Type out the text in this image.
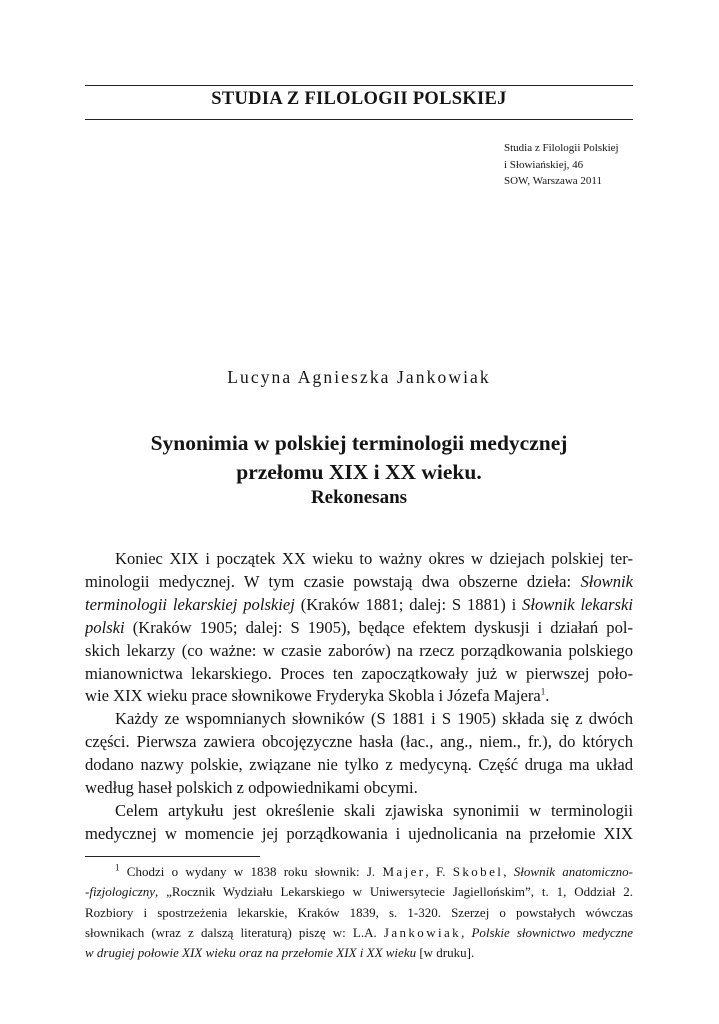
STUDIA Z FILOLOGII POLSKIEJ
Studia z Filologii Polskiej
i Słowiańskiej, 46
SOW, Warszawa 2011
Lucyna Agnieszka Jankowiak
Synonimia w polskiej terminologii medycznej
przełomu XIX i XX wieku.
Rekonesans
Koniec XIX i początek XX wieku to ważny okres w dziejach polskiej ter-
minologii medycznej. W tym czasie powstają dwa obszerne dzieła: Słownik
terminologii lekarskiej polskiej (Kraków 1881; dalej: S 1881) i Słownik lekarski
polski (Kraków 1905; dalej: S 1905), będące efektem dyskusji i działań pol-
skich lekarzy (co ważne: w czasie zaborów) na rzecz porządkowania polskiego
mianownictwa lekarskiego. Proces ten zapoczątkowały już w pierwszej poło-
wie XIX wieku prace słownikowe Fryderyka Skobla i Józefa Majera$^1$.
Każdy ze wspomnianych słowników (S 1881 i S 1905) składa się z dwóch
części. Pierwsza zawiera obcojęzyczne hasła (łac., ang., niem., fr.), do których
dodano nazwy polskie, związane nie tylko z medycyną. Część druga ma układ
według haseł polskich z odpowiednikami obcymi.
Celem artykułu jest określenie skali zjawiska synonimii w terminologii
medycznej w momencie jej porządkowania i ujednolicania na przełomie XIX
$^1$ Chodzi o wydany w 1838 roku słownik: J. Majer, F. Skobel, Słownik anatomiczno-
-fizjologiczny, „Rocznik Wydziału Lekarskiego w Uniwersytecie Jagiellońskim”, t. 1, Oddział 2.
Rozbiory i spostrzeżenia lekarskie, Kraków 1839, s. 1-320. Szerzej o powstałych wówczas
słownikach (wraz z dalszą literaturą) piszę w: L.A. Jankowiak, Polskie słownictwo medyczne
w drugiej połowie XIX wieku oraz na przełomie XIX i XX wieku [w druku].
